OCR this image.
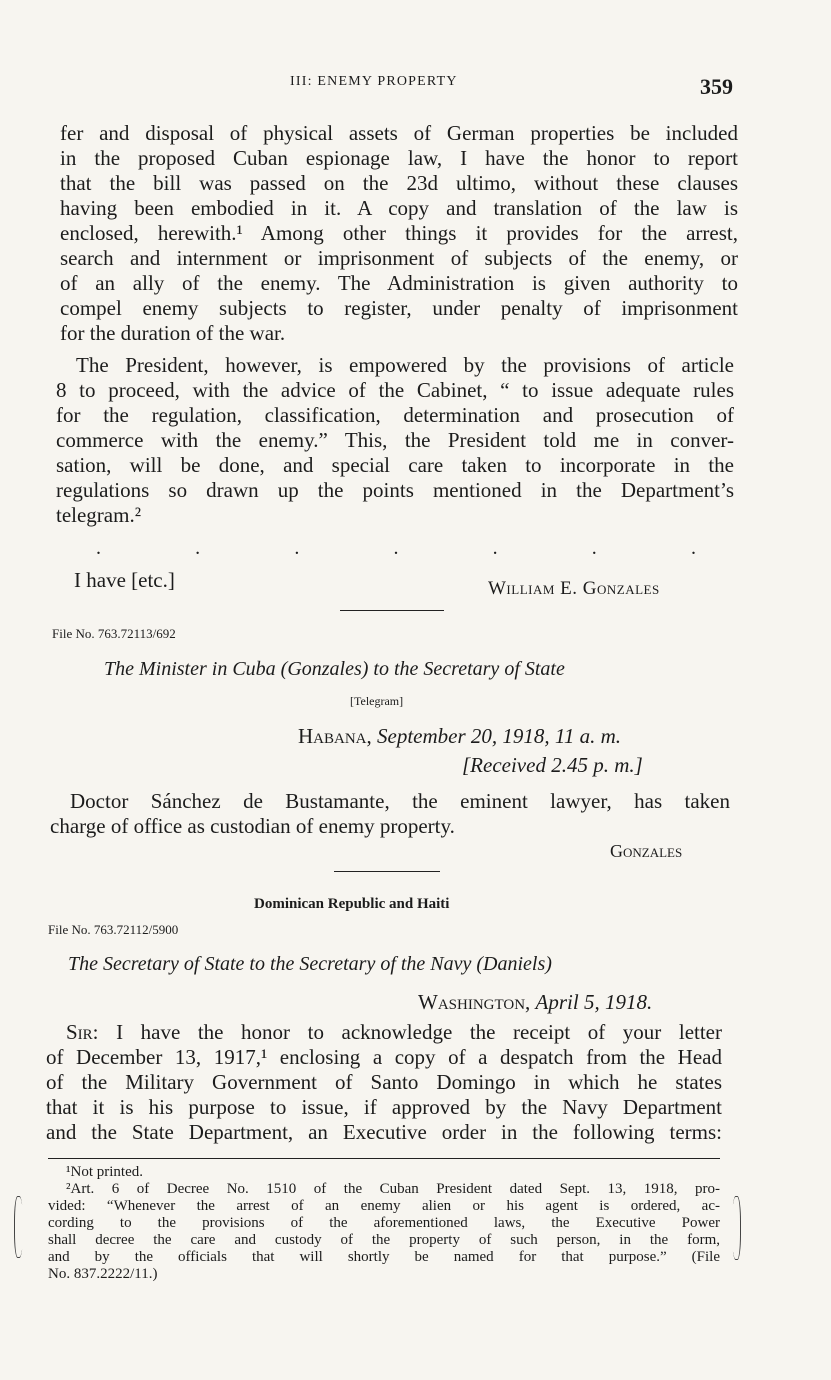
III: ENEMY PROPERTY	359
fer and disposal of physical assets of German properties be included
in the proposed Cuban espionage law, I have the honor to report
that the bill was passed on the 23d ultimo, without these clauses
having been embodied in it. A copy and translation of the law is
enclosed, herewith.¹ Among other things it provides for the arrest,
search and internment or imprisonment of subjects of the enemy, or
of an ally of the enemy. The Administration is given authority to
compel enemy subjects to register, under penalty of imprisonment
for the duration of the war.
The President, however, is empowered by the provisions of article
8 to proceed, with the advice of the Cabinet, “ to issue adequate rules
for the regulation, classification, determination and prosecution of
commerce with the enemy.” This, the President told me in conver-
sation, will be done, and special care taken to incorporate in the
regulations so drawn up the points mentioned in the Department’s
telegram.²
.	.	.	.	.	.	.
I have [etc.]	William E. Gonzales
File No. 763.72113/692
The Minister in Cuba (Gonzales) to the Secretary of State
[Telegram]
Habana, September 20, 1918, 11 a. m.
[Received 2.45 p. m.]
Doctor Sánchez de Bustamante, the eminent lawyer, has taken
charge of office as custodian of enemy property.
Gonzales
Dominican Republic and Haiti
File No. 763.72112/5900
The Secretary of State to the Secretary of the Navy (Daniels)
Washington, April 5, 1918.
Sir: I have the honor to acknowledge the receipt of your letter
of December 13, 1917,¹ enclosing a copy of a despatch from the Head
of the Military Government of Santo Domingo in which he states
that it is his purpose to issue, if approved by the Navy Department
and the State Department, an Executive order in the following terms:
¹Not printed.
²Art. 6 of Decree No. 1510 of the Cuban President dated Sept. 13, 1918, pro-
vided: “Whenever the arrest of an enemy alien or his agent is ordered, ac-
cording to the provisions of the aforementioned laws, the Executive Power
shall decree the care and custody of the property of such person, in the form,
and by the officials that will shortly be named for that purpose.” (File
No. 837.2222/11.)
